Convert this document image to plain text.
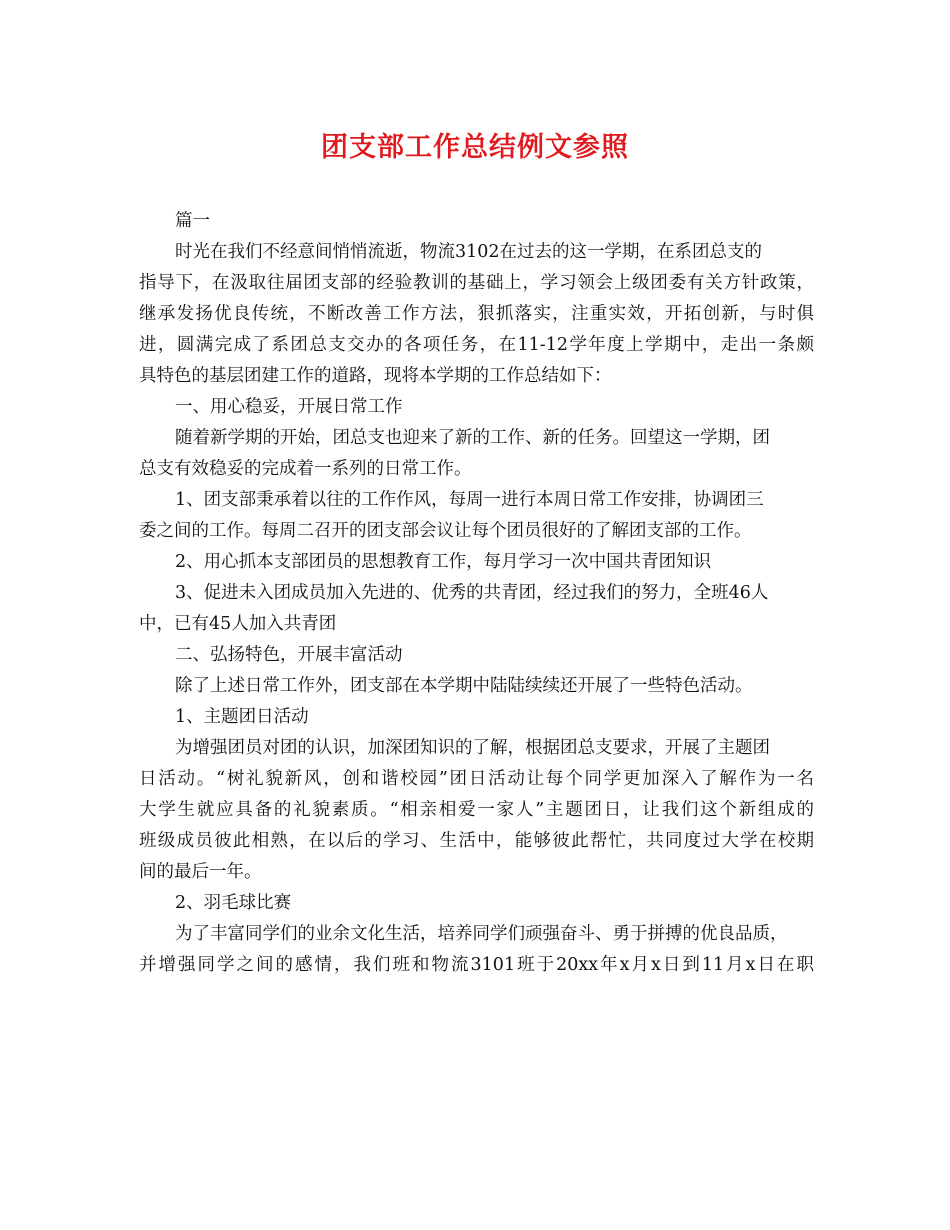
团支部工作总结例文参照
篇一
时光在我们不经意间悄悄流逝，物流3102在过去的这一学期，在系团总支的
指导下，在汲取往届团支部的经验教训的基础上，学习领会上级团委有关方针政策，
继承发扬优良传统，不断改善工作方法，狠抓落实，注重实效，开拓创新，与时俱
进，圆满完成了系团总支交办的各项任务，在11-12学年度上学期中，走出一条颇
具特色的基层团建工作的道路，现将本学期的工作总结如下：
一、用心稳妥，开展日常工作
随着新学期的开始，团总支也迎来了新的工作、新的任务。回望这一学期，团
总支有效稳妥的完成着一系列的日常工作。
1、团支部秉承着以往的工作作风，每周一进行本周日常工作安排，协调团三
委之间的工作。每周二召开的团支部会议让每个团员很好的了解团支部的工作。
2、用心抓本支部团员的思想教育工作，每月学习一次中国共青团知识
3、促进未入团成员加入先进的、优秀的共青团，经过我们的努力，全班46人
中，已有45人加入共青团
二、弘扬特色，开展丰富活动
除了上述日常工作外，团支部在本学期中陆陆续续还开展了一些特色活动。
1、主题团日活动
为增强团员对团的认识，加深团知识的了解，根据团总支要求，开展了主题团
日活动。“树礼貌新风，创和谐校园”团日活动让每个同学更加深入了解作为一名
大学生就应具备的礼貌素质。“相亲相爱一家人”主题团日，让我们这个新组成的
班级成员彼此相熟，在以后的学习、生活中，能够彼此帮忙，共同度过大学在校期
间的最后一年。
2、羽毛球比赛
为了丰富同学们的业余文化生活，培养同学们顽强奋斗、勇于拼搏的优良品质，
并增强同学之间的感情，我们班和物流3101班于20xx年x月x日到11月x日在职
